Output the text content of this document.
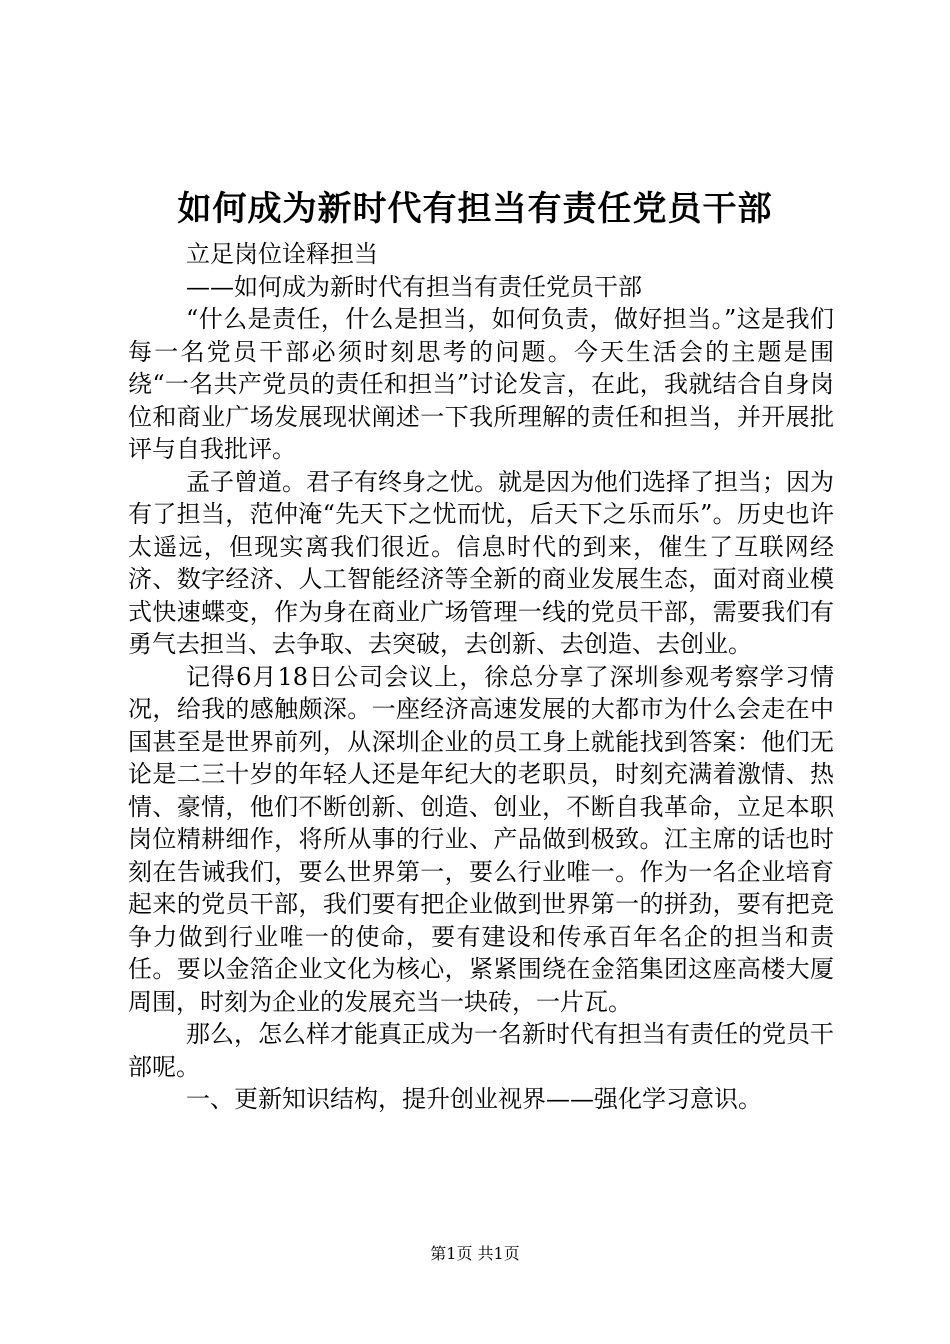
如何成为新时代有担当有责任党员干部

立足岗位诠释担当

——如何成为新时代有担当有责任党员干部

“什么是责任，什么是担当，如何负责，做好担当。”这是我们每一名党员干部必须时刻思考的问题。今天生活会的主题是围绕“一名共产党员的责任和担当”讨论发言，在此，我就结合自身岗位和商业广场发展现状阐述一下我所理解的责任和担当，并开展批评与自我批评。

孟子曾道。君子有终身之忧。就是因为他们选择了担当；因为有了担当，范仲淹“先天下之忧而忧，后天下之乐而乐”。历史也许太遥远，但现实离我们很近。信息时代的到来，催生了互联网经济、数字经济、人工智能经济等全新的商业发展生态，面对商业模式快速蝶变，作为身在商业广场管理一线的党员干部，需要我们有勇气去担当、去争取、去突破，去创新、去创造、去创业。

记得6月18日公司会议上，徐总分享了深圳参观考察学习情况，给我的感触颇深。一座经济高速发展的大都市为什么会走在中国甚至是世界前列，从深圳企业的员工身上就能找到答案：他们无论是二三十岁的年轻人还是年纪大的老职员，时刻充满着激情、热情、豪情，他们不断创新、创造、创业，不断自我革命，立足本职岗位精耕细作，将所从事的行业、产品做到极致。江主席的话也时刻在告诫我们，要么世界第一，要么行业唯一。作为一名企业培育起来的党员干部，我们要有把企业做到世界第一的拼劲，要有把竞争力做到行业唯一的使命，要有建设和传承百年名企的担当和责任。要以金箔企业文化为核心，紧紧围绕在金箔集团这座高楼大厦周围，时刻为企业的发展充当一块砖，一片瓦。

那么，怎么样才能真正成为一名新时代有担当有责任的党员干部呢。

一、更新知识结构，提升创业视界——强化学习意识。

第1页 共1页
